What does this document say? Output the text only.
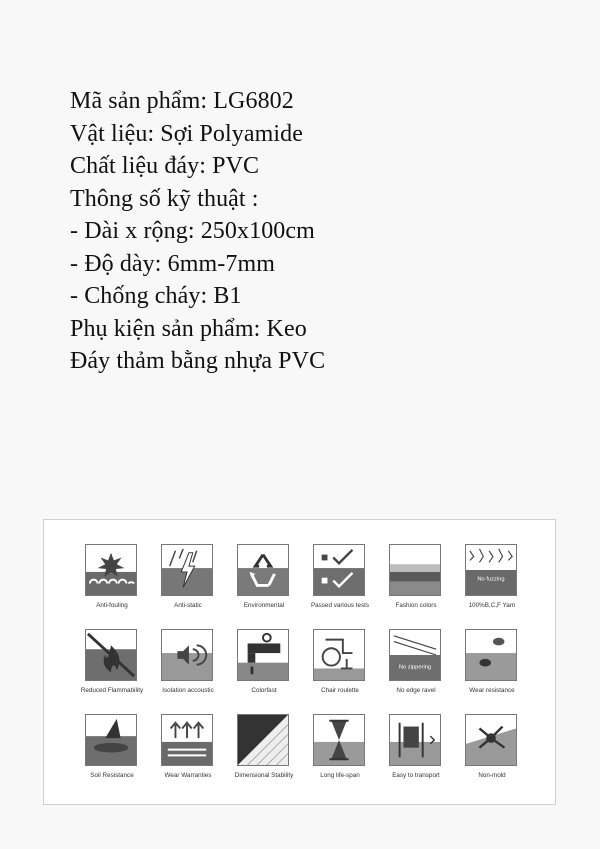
Mã sản phẩm: LG6802
Vật liệu: Sợi Polyamide
Chất liệu đáy: PVC
Thông số kỹ thuật :
- Dài x rộng: 250x100cm
- Độ dày: 6mm-7mm
- Chống cháy: B1
Phụ kiện sản phẩm: Keo
Đáy thảm bằng nhựa PVC
Anti-fouling	Anti-static	Environmental	Passed various tests	Fashion colors
No fuzzing
100%B,C,F Yarn
Reduced Flammability	Isolation accoustic	Colorfast	Chair roulette
No zippering
No edge ravel	Wear resistance
Soil Resistance	Wear Warranties	Dimensional Stability	Long life-span	Easy to transport	Non-mold
